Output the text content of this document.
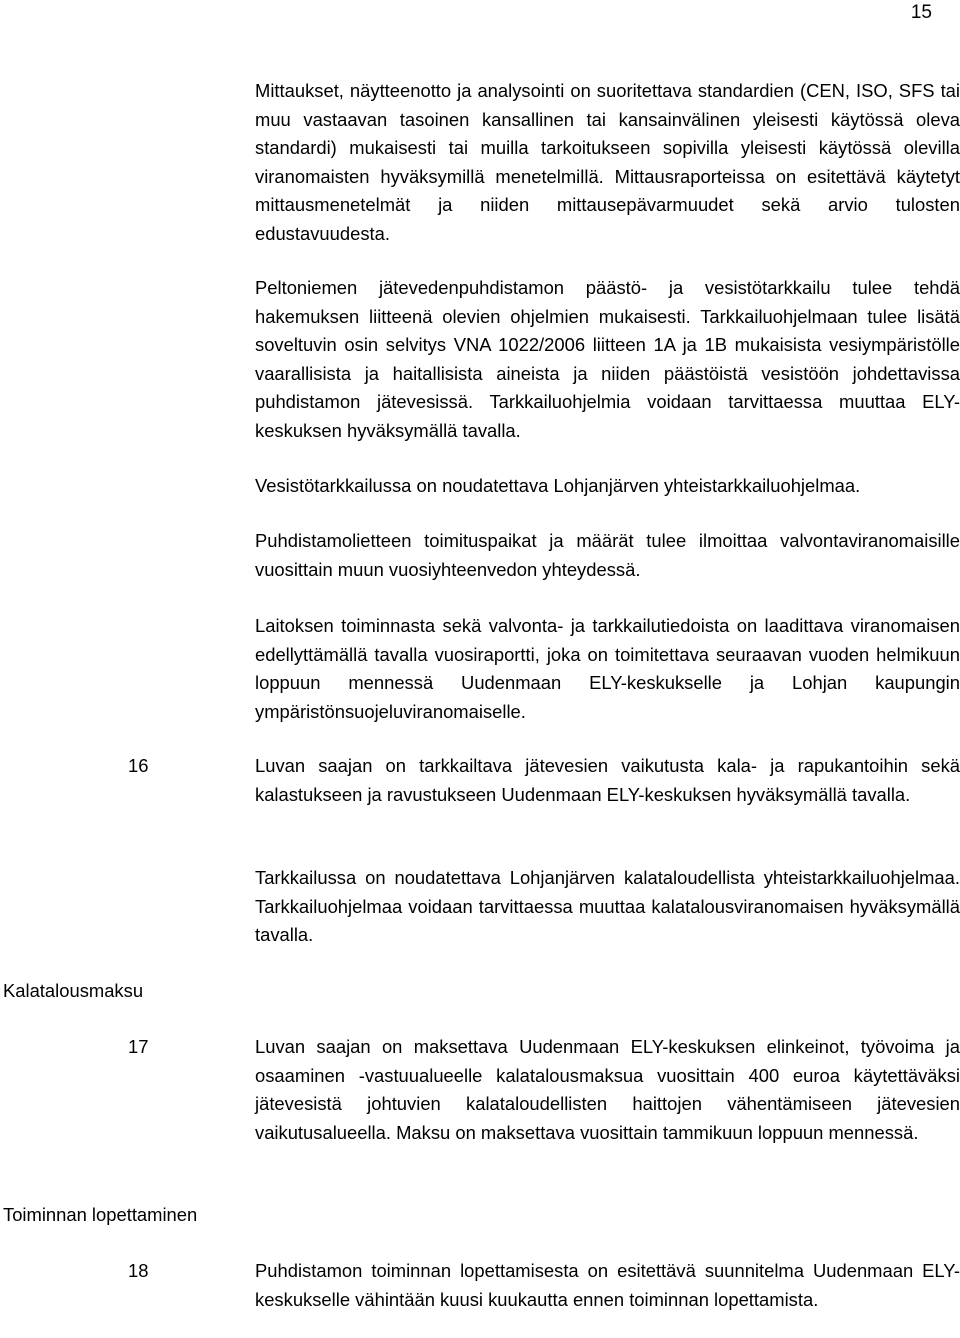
15

Mittaukset, näytteenotto ja analysointi on suoritettava standardien (CEN, ISO, SFS tai muu vastaavan tasoinen kansallinen tai kansainvälinen yleisesti käytössä oleva standardi) mukaisesti tai muilla tarkoitukseen sopivilla yleisesti käytössä olevilla viranomaisten hyväksymillä menetelmillä. Mittausraporteissa on esitettävä käytetyt mittausmenetelmät ja niiden mittausepävarmuudet sekä arvio tulosten edustavuudesta.

Peltoniemen jätevedenpuhdistamon päästö- ja vesistötarkkailu tulee tehdä hakemuksen liitteenä olevien ohjelmien mukaisesti. Tarkkailuohjelmaan tulee lisätä soveltuvin osin selvitys VNA 1022/2006 liitteen 1A ja 1B mukaisista vesiympäristölle vaarallisista ja haitallisista aineista ja niiden päästöistä vesistöön johdettavissa puhdistamon jätevesissä. Tarkkailuohjelmia voidaan tarvittaessa muuttaa ELY-keskuksen hyväksymällä tavalla.

Vesistötarkkailussa on noudatettava Lohjanjärven yhteistarkkailuohjelmaa.

Puhdistamolietteen toimituspaikat ja määrät tulee ilmoittaa valvontaviranomaisille vuosittain muun vuosiyhteenvedon yhteydessä.

Laitoksen toiminnasta sekä valvonta- ja tarkkailutiedoista on laadittava viranomaisen edellyttämällä tavalla vuosiraportti, joka on toimitettava seuraavan vuoden helmikuun loppuun mennessä Uudenmaan ELY-keskukselle ja Lohjan kaupungin ympäristönsuojeluviranomaiselle.

16	Luvan saajan on tarkkailtava jätevesien vaikutusta kala- ja rapukantoihin sekä kalastukseen ja ravustukseen Uudenmaan ELY-keskuksen hyväksymällä tavalla.

Tarkkailussa on noudatettava Lohjanjärven kalataloudellista yhteistarkkailuohjelmaa. Tarkkailuohjelmaa voidaan tarvittaessa muuttaa kalatalousviranomaisen hyväksymällä tavalla.

Kalatalousmaksu
17	Luvan saajan on maksettava Uudenmaan ELY-keskuksen elinkeinot, työvoima ja osaaminen -vastuualueelle kalatalousmaksua vuosittain 400 euroa käytettäväksi jätevesistä johtuvien kalataloudellisten haittojen vähentämiseen jätevesien vaikutusalueella. Maksu on maksettava vuosittain tammikuun loppuun mennessä.

Toiminnan lopettaminen
18	Puhdistamon toiminnan lopettamisesta on esitettävä suunnitelma Uudenmaan ELY-keskukselle vähintään kuusi kuukautta ennen toiminnan lopettamista.
